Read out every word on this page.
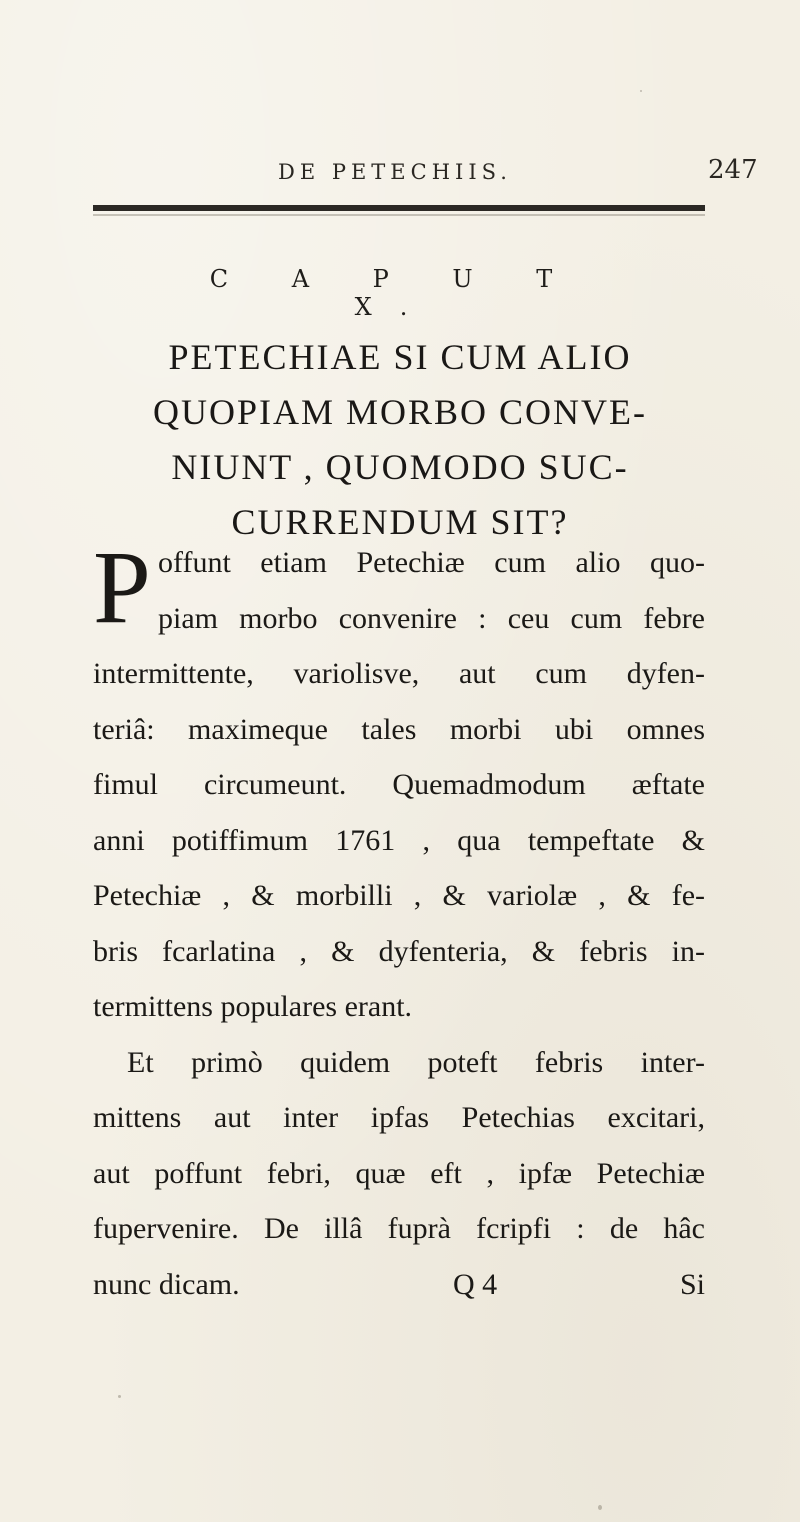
DE PETECHIIS.	247
C A P U T X.
PETECHIAE SI CUM ALIO
QUOPIAM MORBO CONVE-
NIUNT , QUOMODO SUC-
CURRENDUM SIT?
P offunt etiam Petechiæ cum alio quo-
piam morbo convenire : ceu cum febre
intermittente, variolisve, aut cum dyfen-
teriâ: maximeque tales morbi ubi omnes
fimul circumeunt. Quemadmodum æftate
anni potiffimum 1761 , qua tempeftate &
Petechiæ , & morbilli , & variolæ , & fe-
bris fcarlatina , & dyfenteria, & febris in-
termittens populares erant.
Et primò quidem poteft febris inter-
mittens aut inter ipfas Petechias excitari,
aut poffunt febri, quæ eft , ipfæ Petechiæ
fupervenire. De illâ fuprà fcripfi : de hâc
nunc dicam.	Q 4	Si
